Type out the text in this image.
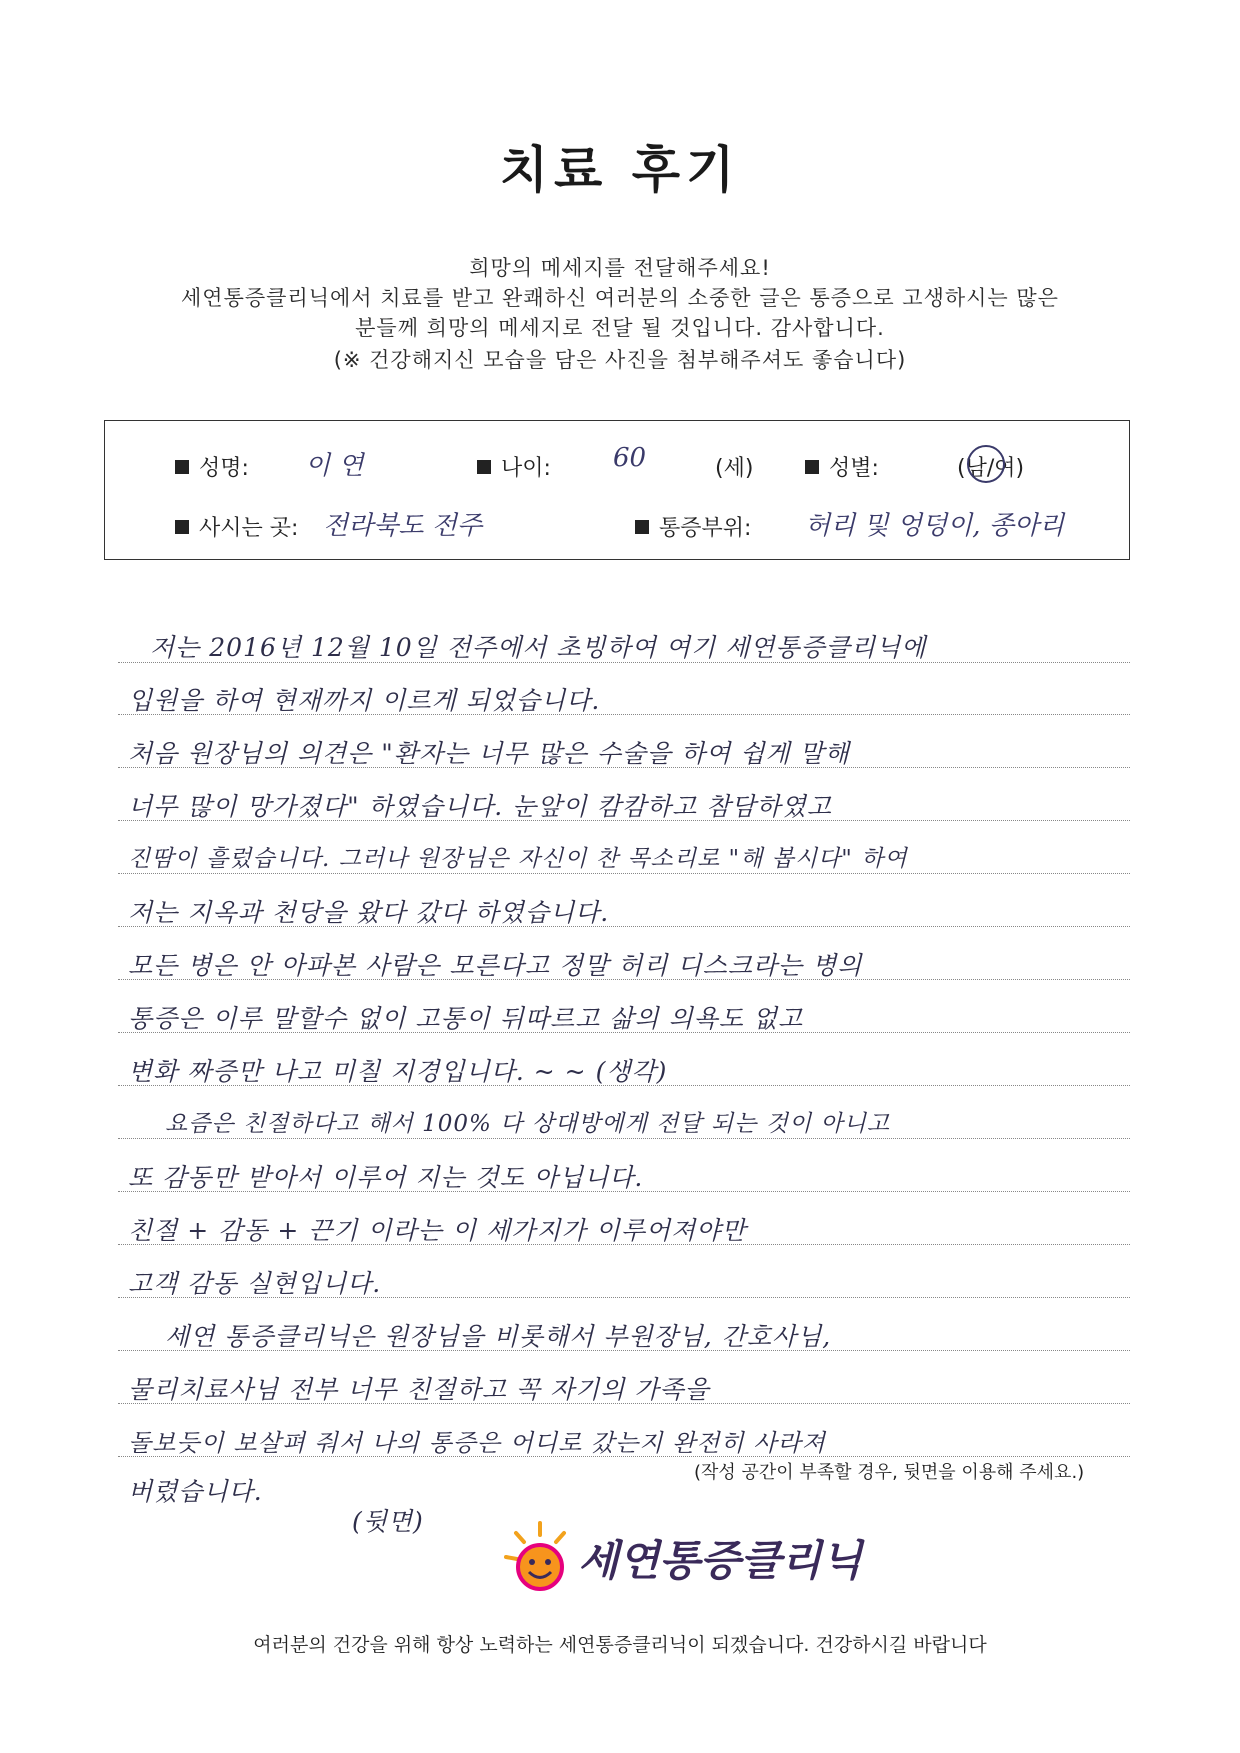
치료 후기
희망의 메세지를 전달해주세요!
세연통증클리닉에서 치료를 받고 완쾌하신 여러분의 소중한 글은 통증으로 고생하시는 많은
분들께 희망의 메세지로 전달 될 것입니다. 감사합니다.
(※ 건강해지신 모습을 담은 사진을 첨부해주셔도 좋습니다)
성명: 이 연	나이: 60	(세)	성별:	(남/여)
사시는 곳: 전라북도 전주	통증부위: 허리 및 엉덩이, 종아리
저는 2016년 12월 10일 전주에서 초빙하여 여기 세연통증클리닉에
입원을 하여 현재까지 이르게 되었습니다.
처음 원장님의 의견은 "환자는 너무 많은 수술을 하여 쉽게 말해
너무 많이 망가졌다" 하였습니다. 눈앞이 캄캄하고 참담하였고
진땀이 흘렀습니다. 그러나 원장님은 자신이 찬 목소리로 "해 봅시다" 하여
저는 지옥과 천당을 왔다 갔다 하였습니다.
모든 병은 안 아파본 사람은 모른다고 정말 허리 디스크라는 병의
통증은 이루 말할수 없이 고통이 뒤따르고 삶의 의욕도 없고
변화 짜증만 나고 미칠 지경입니다. ~ ~ (생각)
요즘은 친절하다고 해서 100% 다 상대방에게 전달 되는 것이 아니고
또 감동만 받아서 이루어 지는 것도 아닙니다.
친절 + 감동 + 끈기 이라는 이 세가지가 이루어져야만
고객 감동 실현입니다.
세연 통증클리닉은 원장님을 비롯해서 부원장님, 간호사님,
물리치료사님 전부 너무 친절하고 꼭 자기의 가족을
돌보듯이 보살펴 줘서 나의 통증은 어디로 갔는지 완전히 사라져
버렸습니다.
(뒷면)
(작성 공간이 부족할 경우, 뒷면을 이용해 주세요.)
세연통증클리닉
여러분의 건강을 위해 항상 노력하는 세연통증클리닉이 되겠습니다. 건강하시길 바랍니다
